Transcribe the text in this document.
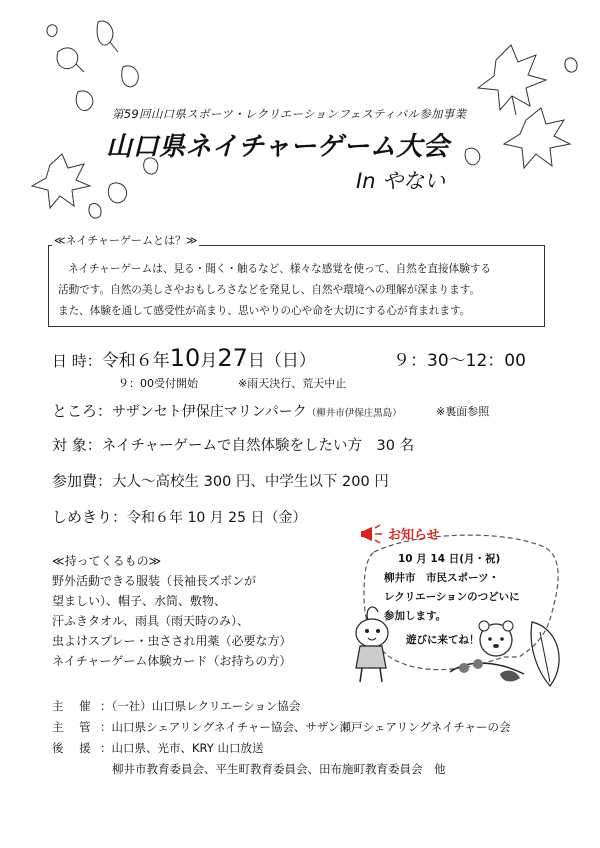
第59回山口県スポーツ・レクリエーションフェスティバル参加事業
山口県ネイチャーゲーム大会
In やない
≪ネイチャーゲームとは？≫
ネイチャーゲームは、見る・聞く・触るなど、様々な感覚を使って、自然を直接体験する
活動です。自然の美しさやおもしろさなどを発見し、自然や環境への理解が深まります。
また、体験を通して感受性が高まり、思いやりの心や命を大切にする心が育まれます。
日 時：令和６年10月27日（日）	９：30～12：00
９：00受付開始	※雨天決行、荒天中止
ところ：サザンセト伊保庄マリンパーク（柳井市伊保庄黒島）	※裏面参照
対 象：ネイチャーゲームで自然体験をしたい方　30 名
参加費：大人～高校生 300 円、中学生以下 200 円
しめきり：令和６年 10 月 25 日（金）
≪持ってくるもの≫
野外活動できる服装（長袖長ズボンが
望ましい）、帽子、水筒、敷物、
汗ふきタオル、雨具（雨天時のみ）、
虫よけスプレー・虫さされ用薬（必要な方）
ネイチャーゲーム体験カード（お持ちの方）
お知らせ
10 月 14 日(月・祝)
柳井市　市民スポーツ・
レクリエーションのつどいに
参加します。
遊びに来てね！
主 催 ：（一社）山口県レクリエーション協会
主 管 ：山口県シェアリングネイチャー協会、サザン瀬戸シェアリングネイチャーの会
後 援 ：山口県、光市、KRY 山口放送
柳井市教育委員会、平生町教育委員会、田布施町教育委員会　他
